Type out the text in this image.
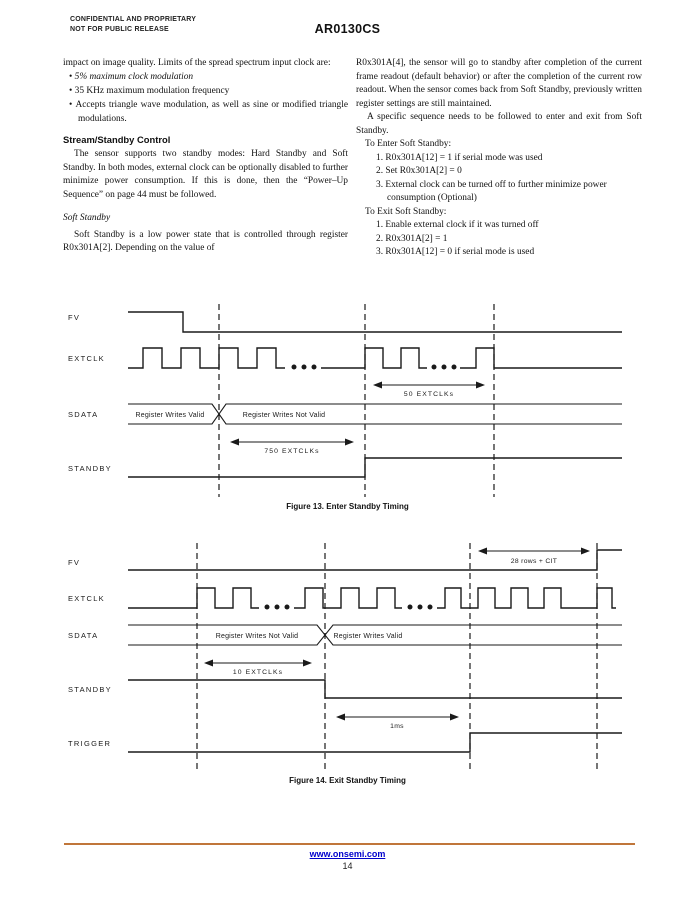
CONFIDENTIAL AND PROPRIETARY
NOT FOR PUBLIC RELEASE	AR0130CS

impact on image quality. Limits of the spread spectrum input clock are:

• 5% maximum clock modulation
• 35 KHz maximum modulation frequency
• Accepts triangle wave modulation, as well as sine or modified triangle modulations.
Stream/Standby Control

The sensor supports two standby modes: Hard Standby and Soft Standby. In both modes, external clock can be optionally disabled to further minimize power consumption. If this is done, then the “Power–Up Sequence” on page 44 must be followed.

Soft Standby

Soft Standby is a low power state that is controlled through register R0x301A[2]. Depending on the value of

R0x301A[4], the sensor will go to standby after completion of the current frame readout (default behavior) or after the completion of the current row readout. When the sensor comes back from Soft Standby, previously written register settings are still maintained.

A specific sequence needs to be followed to enter and exit from Soft Standby.

To Enter Soft Standby:
1. R0x301A[12] = 1 if serial mode was used
2. Set R0x301A[2] = 0
3. External clock can be turned off to further minimize power consumption (Optional)
To Exit Soft Standby:
1. Enable external clock if it was turned off
2. R0x301A[2] = 1
3. R0x301A[12] = 0 if serial mode is used
FV
EXTCLK
50 EXTCLKs
SDATA	Register Writes Valid	Register Writes Not Valid
750 EXTCLKs
STANDBY
Figure 13. Enter Standby Timing
28 rows + CIT
FV
EXTCLK
SDATA	Register Writes Not Valid	Register Writes Valid
10 EXTCLKs
STANDBY
1ms
TRIGGER
Figure 14. Exit Standby Timing
www.onsemi.com
14
